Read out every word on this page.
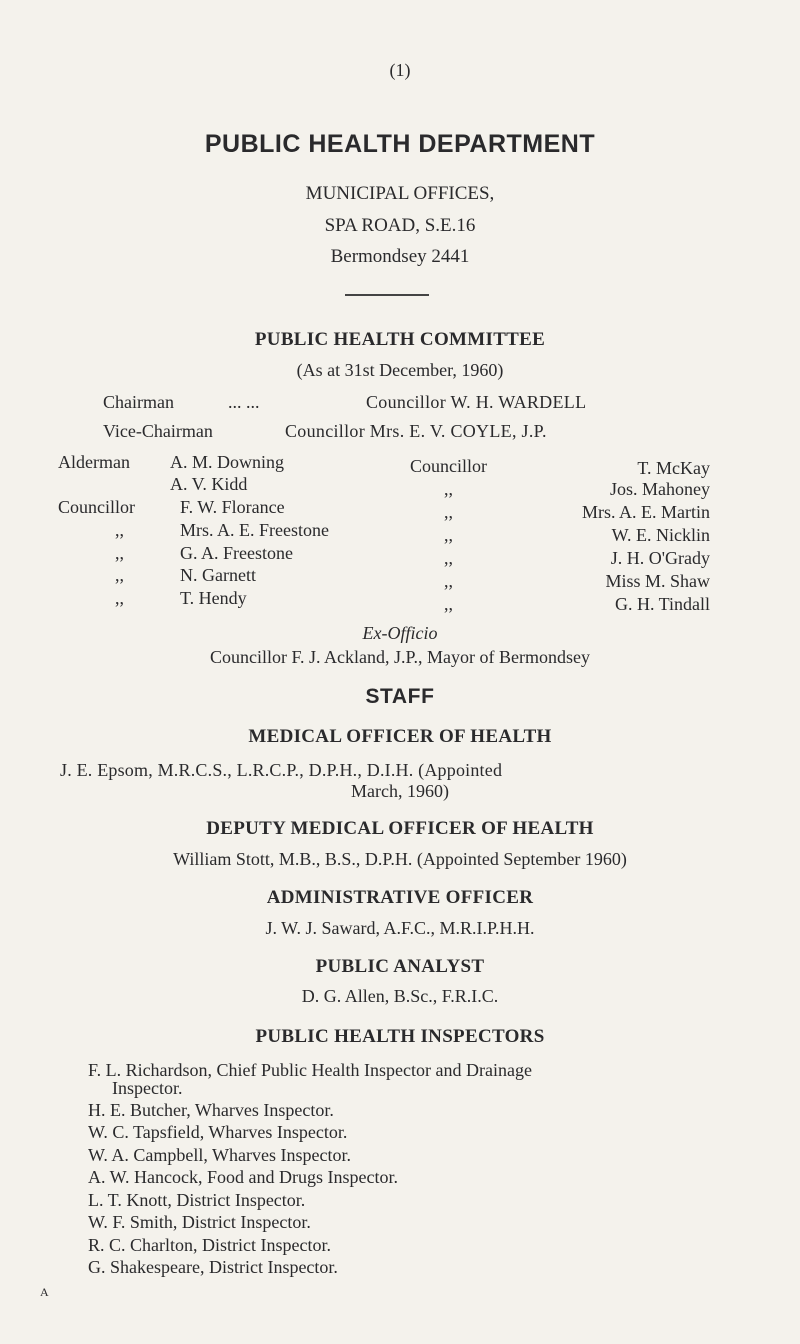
(1)
PUBLIC HEALTH DEPARTMENT
MUNICIPAL OFFICES,
SPA ROAD, S.E.16
Bermondsey 2441
PUBLIC HEALTH COMMITTEE
(As at 31st December, 1960)
Chairman	... ...	Councillor W. H. WARDELL
Vice-Chairman	Councillor Mrs. E. V. COYLE, J.P.
Alderman A. M. Downing
A. V. Kidd
Councillor	F. W. Florance
,,	Mrs. A. E. Freestone
,,	G. A. Freestone
,,	N. Garnett
,,	T. Hendy
Councillor	T. McKay
,,	Jos. Mahoney
,,	Mrs. A. E. Martin
,,	W. E. Nicklin
,,	J. H. O'Grady
,,	Miss M. Shaw
,,	G. H. Tindall
Ex-Officio
Councillor F. J. Ackland, J.P., Mayor of Bermondsey
STAFF
MEDICAL OFFICER OF HEALTH
J. E. Epsom, M.R.C.S., L.R.C.P., D.P.H., D.I.H. (Appointed
March, 1960)
DEPUTY MEDICAL OFFICER OF HEALTH
William Stott, M.B., B.S., D.P.H. (Appointed September 1960)
ADMINISTRATIVE OFFICER
J. W. J. Saward, A.F.C., M.R.I.P.H.H.
PUBLIC ANALYST
D. G. Allen, B.Sc., F.R.I.C.
PUBLIC HEALTH INSPECTORS
F. L. Richardson, Chief Public Health Inspector and Drainage
Inspector.
H. E. Butcher, Wharves Inspector.
W. C. Tapsfield, Wharves Inspector.
W. A. Campbell, Wharves Inspector.
A. W. Hancock, Food and Drugs Inspector.
L. T. Knott, District Inspector.
W. F. Smith, District Inspector.
R. C. Charlton, District Inspector.
G. Shakespeare, District Inspector.
A
